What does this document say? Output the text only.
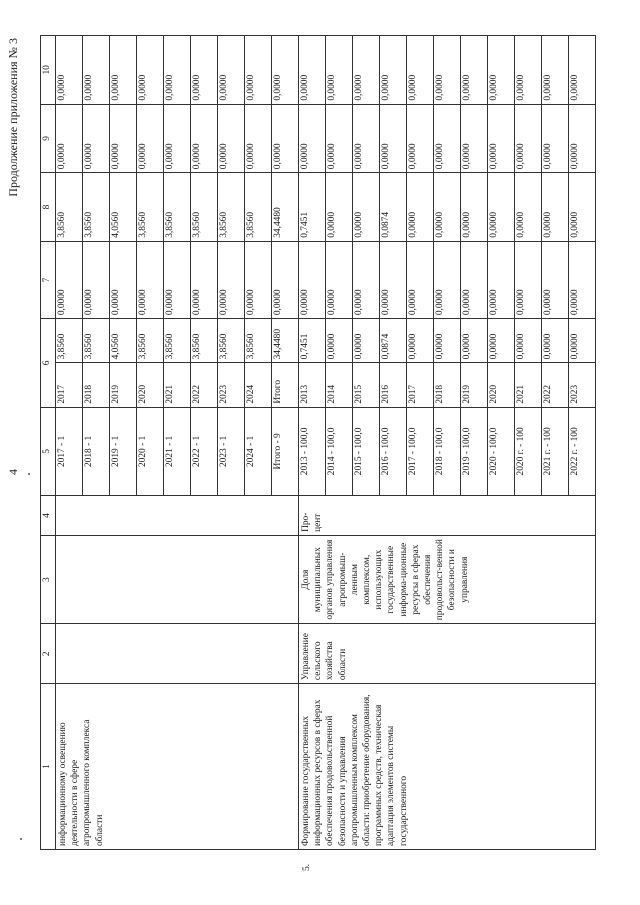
4
Продолжение приложения № 3
1	2	3	4	5	6		7	8	9	10
информационному освещению деятельности в сфере агропромышленного комплекса области				2017 - 1	2017	3,8560	0,0000	3,8560	0,0000	0,0000
				2018 - 1	2018	3,8560	0,0000	3,8560	0,0000	0,0000
				2019 - 1	2019	4,0560	0,0000	4,0560	0,0000	0,0000
				2020 - 1	2020	3,8560	0,0000	3,8560	0,0000	0,0000
				2021 - 1	2021	3,8560	0,0000	3,8560	0,0000	0,0000
				2022 - 1	2022	3,8560	0,0000	3,8560	0,0000	0,0000
				2023 - 1	2023	3,8560	0,0000	3,8560	0,0000	0,0000
				2024 - 1	2024	3,8560	0,0000	3,8560	0,0000	0,0000
				Итого - 9	Итого	34,4480	0,0000	34,4480	0,0000	0,0000

5.
Формирование государственных информационных ресурсов в сферах обеспечения продовольственной безопасности и управления агропромышленным комплексом области: приобретение оборудования, программных средств, техническая адаптация элементов системы государственного	Управление сельского хозяйства области	Доля муниципальных органов управления агропромыш-ленным комплексом, использующих государственные информа-ционные ресурсы в сферах обеспечения продовольст-венной безопасности и управления	Про-цент	2013 - 100,0	2013	0,7451	0,0000	0,7451	0,0000	0,0000
				2014 - 100,0	2014	0,0000	0,0000	0,0000	0,0000	0,0000
				2015 - 100,0	2015	0,0000	0,0000	0,0000	0,0000	0,0000
				2016 - 100,0	2016	0,0874	0,0000	0,0874	0,0000	0,0000
				2017 - 100,0	2017	0,0000	0,0000	0,0000	0,0000	0,0000
				2018 - 100,0	2018	0,0000	0,0000	0,0000	0,0000	0,0000
				2019 - 100,0	2019	0,0000	0,0000	0,0000	0,0000	0,0000
				2020 - 100,0	2020	0,0000	0,0000	0,0000	0,0000	0,0000
				2020 г. - 100	2021	0,0000	0,0000	0,0000	0,0000	0,0000
				2021 г. - 100	2022	0,0000	0,0000	0,0000	0,0000	0,0000
				2022 г. - 100	2023	0,0000	0,0000	0,0000	0,0000	0,0000
